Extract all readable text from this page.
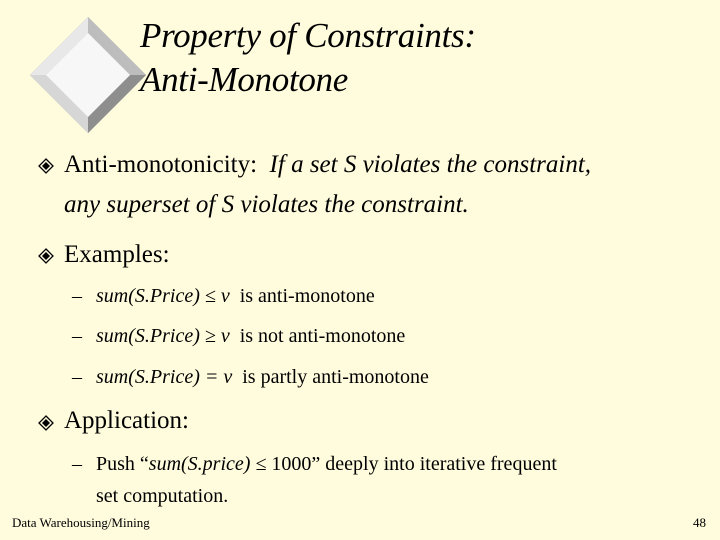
Property of Constraints:
Anti-Monotone
Anti-monotonicity: If a set S violates the constraint,
any superset of S violates the constraint.
Examples:
– sum(S.Price) ≤ v is anti-monotone
– sum(S.Price) ≥ v is not anti-monotone
– sum(S.Price) = v is partly anti-monotone
Application:
– Push “sum(S.price) ≤ 1000” deeply into iterative frequent
set computation.
Data Warehousing/Mining	48
